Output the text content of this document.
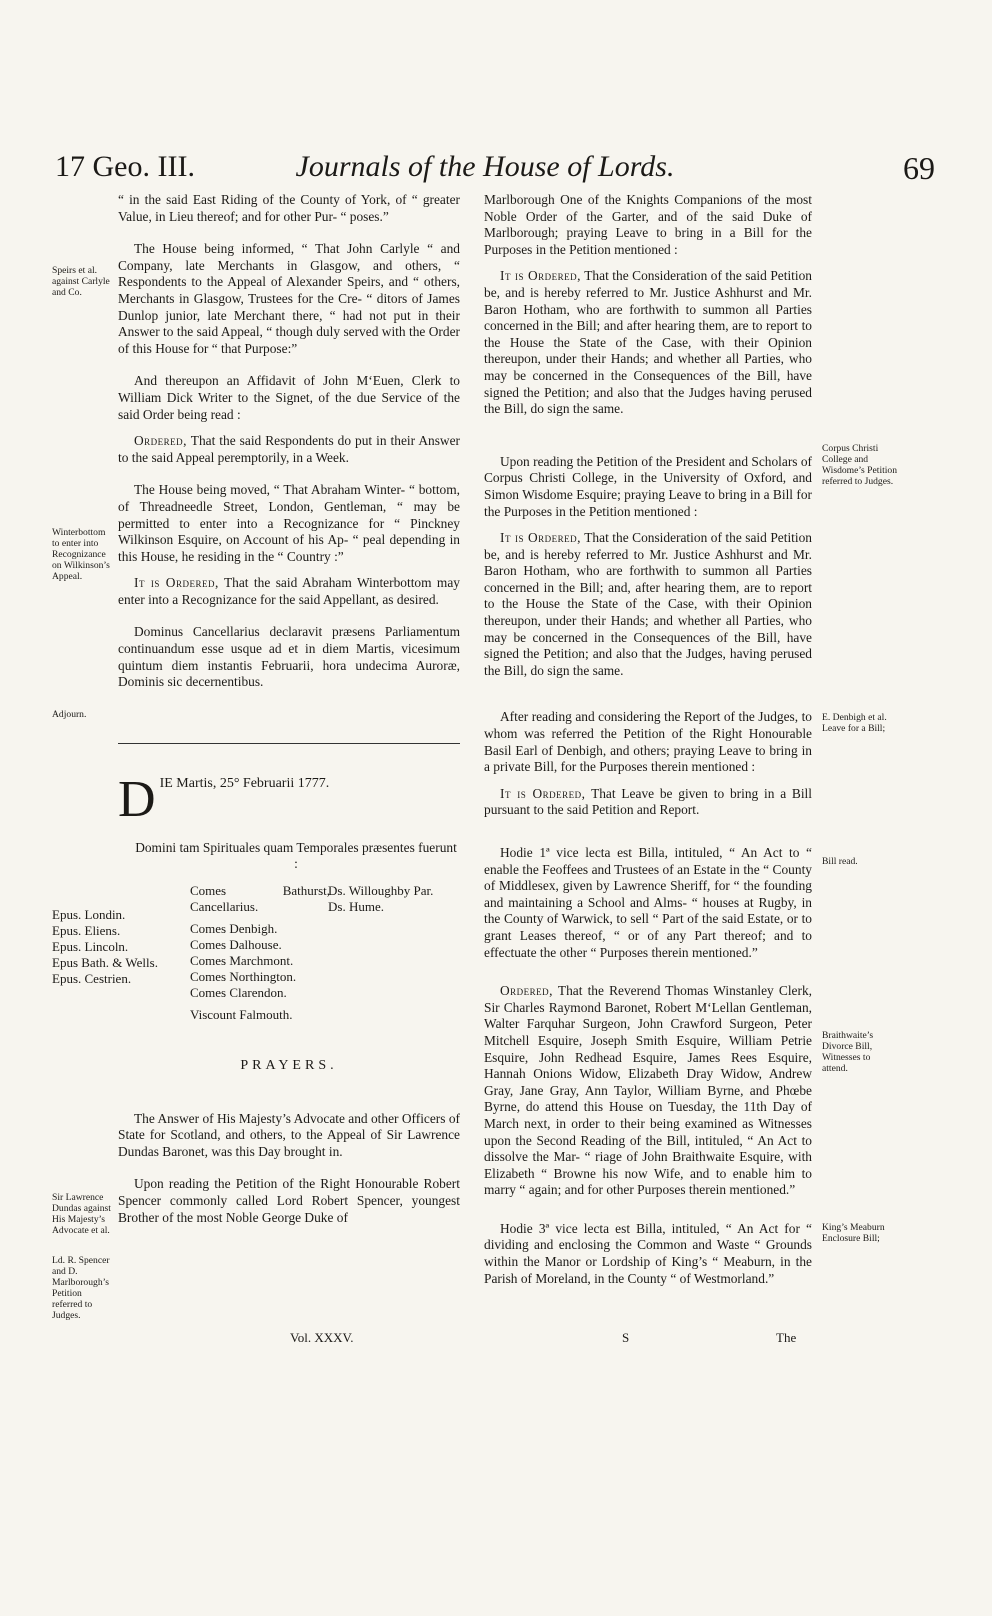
17 Geo. III.	Journals of the House of Lords.	69

“ in the said East Riding of the County of York, of “ greater Value, in Lieu thereof; and for other Pur- “ poses.”

The House being informed, “ That John Carlyle “ and Company, late Merchants in Glasgow, and others, “ Respondents to the Appeal of Alexander Speirs, and “ others, Merchants in Glasgow, Trustees for the Cre- “ ditors of James Dunlop junior, late Merchant there, “ had not put in their Answer to the said Appeal, “ though duly served with the Order of this House for “ that Purpose:”

And thereupon an Affidavit of John M‘Euen, Clerk to William Dick Writer to the Signet, of the due Service of the said Order being read :

Ordered, That the said Respondents do put in their Answer to the said Appeal peremptorily, in a Week.

The House being moved, “ That Abraham Winter- “ bottom, of Threadneedle Street, London, Gentleman, “ may be permitted to enter into a Recognizance for “ Pinckney Wilkinson Esquire, on Account of his Ap- “ peal depending in this House, he residing in the “ Country :”

It is Ordered, That the said Abraham Winterbottom may enter into a Recognizance for the said Appellant, as desired.

Dominus Cancellarius declaravit præsens Parliamentum continuandum esse usque ad et in diem Martis, vicesimum quintum diem instantis Februarii, hora undecima Auroræ, Dominis sic decernentibus.

D IE Martis, 25° Februarii 1777.

Domini tam Spirituales quam Temporales præsentes fuerunt :

Epus. Londin.
Epus. Eliens.
Epus. Lincoln.
Epus Bath. & Wells.
Epus. Cestrien.
Comes Bathurst, Cancellarius.
Comes Denbigh.
Comes Dalhouse.
Comes Marchmont.
Comes Northington.
Comes Clarendon.
Viscount Falmouth.
Ds. Willoughby Par.
Ds. Hume.
PRAYERS.

The Answer of His Majesty’s Advocate and other Officers of State for Scotland, and others, to the Appeal of Sir Lawrence Dundas Baronet, was this Day brought in.

Upon reading the Petition of the Right Honourable Robert Spencer commonly called Lord Robert Spencer, youngest Brother of the most Noble George Duke of

Marlborough One of the Knights Companions of the most Noble Order of the Garter, and of the said Duke of Marlborough; praying Leave to bring in a Bill for the Purposes in the Petition mentioned :

It is Ordered, That the Consideration of the said Petition be, and is hereby referred to Mr. Justice Ashhurst and Mr. Baron Hotham, who are forthwith to summon all Parties concerned in the Bill; and after hearing them, are to report to the House the State of the Case, with their Opinion thereupon, under their Hands; and whether all Parties, who may be concerned in the Consequences of the Bill, have signed the Petition; and also that the Judges having perused the Bill, do sign the same.

Upon reading the Petition of the President and Scholars of Corpus Christi College, in the University of Oxford, and Simon Wisdome Esquire; praying Leave to bring in a Bill for the Purposes in the Petition mentioned :

It is Ordered, That the Consideration of the said Petition be, and is hereby referred to Mr. Justice Ashhurst and Mr. Baron Hotham, who are forthwith to summon all Parties concerned in the Bill; and, after hearing them, are to report to the House the State of the Case, with their Opinion thereupon, under their Hands; and whether all Parties, who may be concerned in the Consequences of the Bill, have signed the Petition; and also that the Judges, having perused the Bill, do sign the same.

After reading and considering the Report of the Judges, to whom was referred the Petition of the Right Honourable Basil Earl of Denbigh, and others; praying Leave to bring in a private Bill, for the Purposes therein mentioned :

It is Ordered, That Leave be given to bring in a Bill pursuant to the said Petition and Report.

Hodie 1ª vice lecta est Billa, intituled, “ An Act to “ enable the Feoffees and Trustees of an Estate in the “ County of Middlesex, given by Lawrence Sheriff, for “ the founding and maintaining a School and Alms- “ houses at Rugby, in the County of Warwick, to sell “ Part of the said Estate, or to grant Leases thereof, “ or of any Part thereof; and to effectuate the other “ Purposes therein mentioned.”

Ordered, That the Reverend Thomas Winstanley Clerk, Sir Charles Raymond Baronet, Robert M‘Lellan Gentleman, Walter Farquhar Surgeon, John Crawford Surgeon, Peter Mitchell Esquire, Joseph Smith Esquire, William Petrie Esquire, John Redhead Esquire, James Rees Esquire, Hannah Onions Widow, Elizabeth Dray Widow, Andrew Gray, Jane Gray, Ann Taylor, William Byrne, and Phœbe Byrne, do attend this House on Tuesday, the 11th Day of March next, in order to their being examined as Witnesses upon the Second Reading of the Bill, intituled, “ An Act to dissolve the Mar- “ riage of John Braithwaite Esquire, with Elizabeth “ Browne his now Wife, and to enable him to marry “ again; and for other Purposes therein mentioned.”

Hodie 3ª vice lecta est Billa, intituled, “ An Act for “ dividing and enclosing the Common and Waste “ Grounds within the Manor or Lordship of King’s “ Meaburn, in the Parish of Moreland, in the County “ of Westmorland.”

Speirs et al. against Carlyle and Co.
Winterbottom to enter into Recognizance on Wilkinson’s Appeal.
Adjourn.
Sir Lawrence Dundas against His Majesty’s Advocate et al.
Ld. R. Spencer and D. Marlborough’s Petition referred to Judges.
Corpus Christi College and Wisdome’s Petition referred to Judges.
E. Denbigh et al. Leave for a Bill;
Bill read.
Braithwaite’s Divorce Bill, Witnesses to attend.
King’s Meaburn Enclosure Bill;
Vol. XXXV.	S	The
